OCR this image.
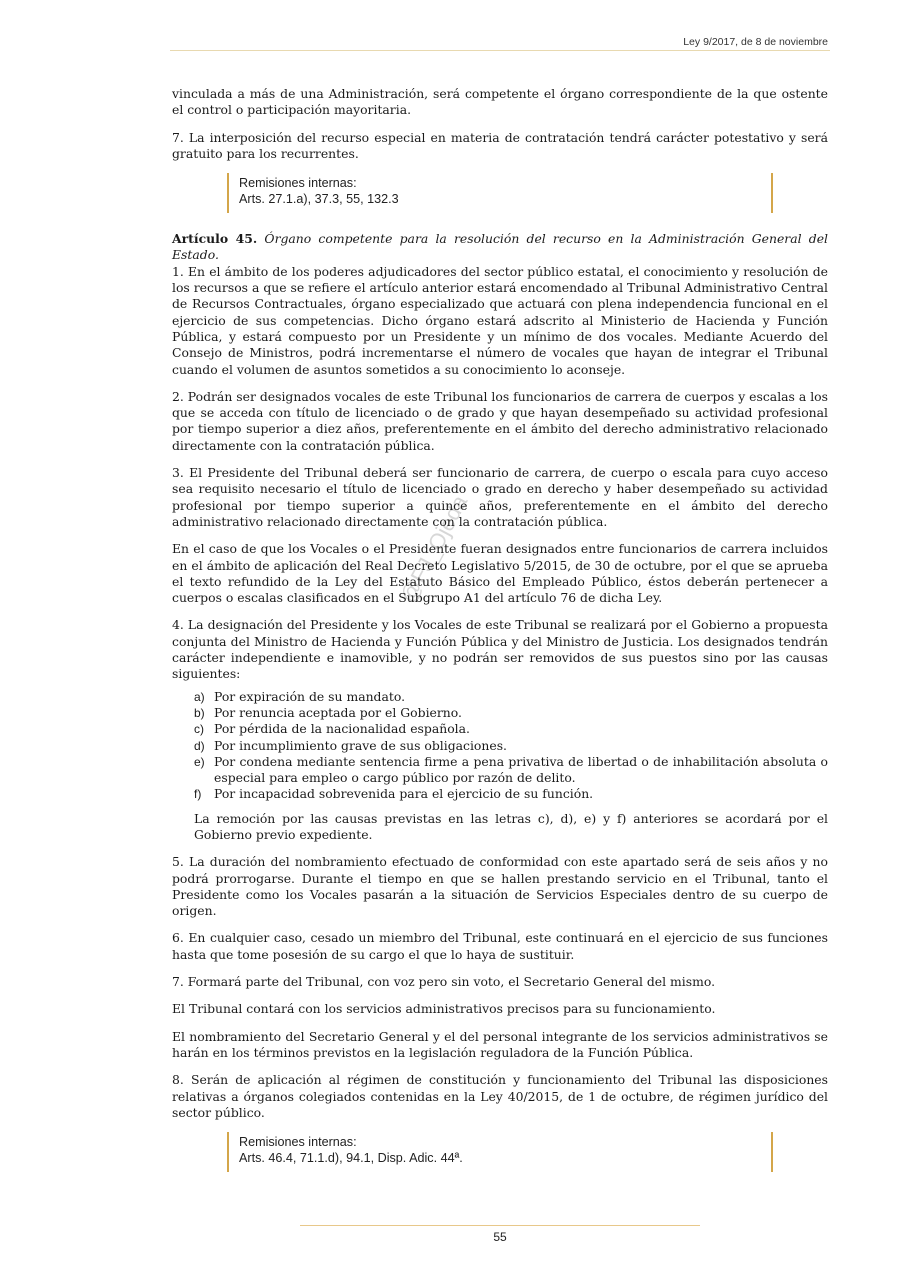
Ley 9/2017, de 8 de noviembre
@FJ_Ojeda

vinculada a más de una Administración, será competente el órgano correspondiente de la que ostente el control o participación mayoritaria.

7. La interposición del recurso especial en materia de contratación tendrá carácter potestativo y será gratuito para los recurrentes.

Remisiones internas:
Arts. 27.1.a), 37.3, 55, 132.3

Artículo 45. Órgano competente para la resolución del recurso en la Administración General del Estado.

1. En el ámbito de los poderes adjudicadores del sector público estatal, el conocimiento y resolución de los recursos a que se refiere el artículo anterior estará encomendado al Tribunal Administrativo Central de Recursos Contractuales, órgano especializado que actuará con plena independencia funcional en el ejercicio de sus competencias. Dicho órgano estará adscrito al Ministerio de Hacienda y Función Pública, y estará compuesto por un Presidente y un mínimo de dos vocales. Mediante Acuerdo del Consejo de Ministros, podrá incrementarse el número de vocales que hayan de integrar el Tribunal cuando el volumen de asuntos sometidos a su conocimiento lo aconseje.

2. Podrán ser designados vocales de este Tribunal los funcionarios de carrera de cuerpos y escalas a los que se acceda con título de licenciado o de grado y que hayan desempeñado su actividad profesional por tiempo superior a diez años, preferentemente en el ámbito del derecho administrativo relacionado directamente con la contratación pública.

3. El Presidente del Tribunal deberá ser funcionario de carrera, de cuerpo o escala para cuyo acceso sea requisito necesario el título de licenciado o grado en derecho y haber desempeñado su actividad profesional por tiempo superior a quince años, preferentemente en el ámbito del derecho administrativo relacionado directamente con la contratación pública.

En el caso de que los Vocales o el Presidente fueran designados entre funcionarios de carrera incluidos en el ámbito de aplicación del Real Decreto Legislativo 5/2015, de 30 de octubre, por el que se aprueba el texto refundido de la Ley del Estatuto Básico del Empleado Público, éstos deberán pertenecer a cuerpos o escalas clasificados en el Subgrupo A1 del artículo 76 de dicha Ley.

4. La designación del Presidente y los Vocales de este Tribunal se realizará por el Gobierno a propuesta conjunta del Ministro de Hacienda y Función Pública y del Ministro de Justicia. Los designados tendrán carácter independiente e inamovible, y no podrán ser removidos de sus puestos sino por las causas siguientes:

a) Por expiración de su mandato.
b) Por renuncia aceptada por el Gobierno.
c) Por pérdida de la nacionalidad española.
d) Por incumplimiento grave de sus obligaciones.
e) Por condena mediante sentencia firme a pena privativa de libertad o de inhabilitación absoluta o especial para empleo o cargo público por razón de delito.
f)	Por incapacidad sobrevenida para el ejercicio de su función.

La remoción por las causas previstas en las letras c), d), e) y f) anteriores se acordará por el Gobierno previo expediente.

5. La duración del nombramiento efectuado de conformidad con este apartado será de seis años y no podrá prorrogarse. Durante el tiempo en que se hallen prestando servicio en el Tribunal, tanto el Presidente como los Vocales pasarán a la situación de Servicios Especiales dentro de su cuerpo de origen.

6. En cualquier caso, cesado un miembro del Tribunal, este continuará en el ejercicio de sus funciones hasta que tome posesión de su cargo el que lo haya de sustituir.

7. Formará parte del Tribunal, con voz pero sin voto, el Secretario General del mismo.

El Tribunal contará con los servicios administrativos precisos para su funcionamiento.

El nombramiento del Secretario General y el del personal integrante de los servicios administrativos se harán en los términos previstos en la legislación reguladora de la Función Pública.

8. Serán de aplicación al régimen de constitución y funcionamiento del Tribunal las disposiciones relativas a órganos colegiados contenidas en la Ley 40/2015, de 1 de octubre, de régimen jurídico del sector público.

Remisiones internas:
Arts. 46.4, 71.1.d), 94.1, Disp. Adic. 44ª.
55
